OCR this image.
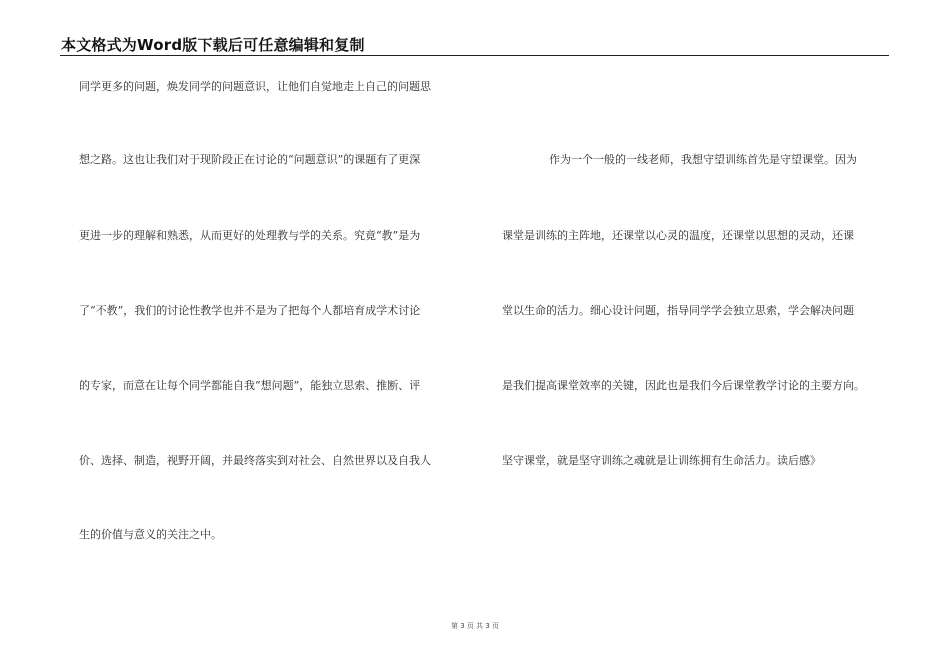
本文格式为Word版下载后可任意编辑和复制
同学更多的问题，焕发同学的问题意识，让他们自觉地走上自己的问题思
想之路。这也让我们对于现阶段正在讨论的“问题意识”的课题有了更深
更进一步的理解和熟悉，从而更好的处理教与学的关系。究竟“教”是为
了“不教”，我们的讨论性教学也并不是为了把每个人都培育成学术讨论
的专家，而意在让每个同学都能自我“想问题”，能独立思索、推断、评
价、选择、制造，视野开阔，并最终落实到对社会、自然世界以及自我人
生的价值与意义的关注之中。
作为一个一般的一线老师，我想守望训练首先是守望课堂。因为
课堂是训练的主阵地，还课堂以心灵的温度，还课堂以思想的灵动，还课
堂以生命的活力。细心设计问题，指导同学学会独立思索，学会解决问题
是我们提高课堂效率的关键，因此也是我们今后课堂教学讨论的主要方向。
坚守课堂，就是坚守训练之魂就是让训练拥有生命活力。读后感》
第 3 页 共 3 页
